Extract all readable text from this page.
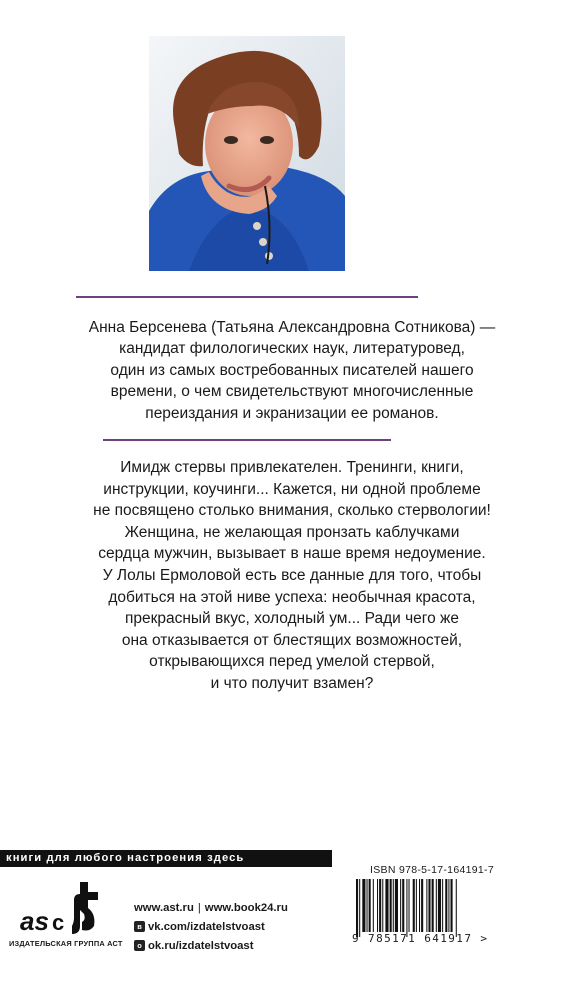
Анна Берсенева (Татьяна Александровна Сотникова) —
кандидат филологических наук, литературовед,
один из самых востребованных писателей нашего
времени, о чем свидетельствуют многочисленные
переиздания и экранизации ее романов.
Имидж стервы привлекателен. Тренинги, книги,
инструкции, коучинги... Кажется, ни одной проблеме
не посвящено столько внимания, сколько стервологии!
Женщина, не желающая пронзать каблучками
сердца мужчин, вызывает в наше время недоумение.
У Лолы Ермоловой есть все данные для того, чтобы
добиться на этой ниве успеха: необычная красота,
прекрасный вкус, холодный ум... Ради чего же
она отказывается от блестящих возможностей,
открывающихся перед умелой стервой,
и что получит взамен?
книги для любого настроения здесь
as c
ИЗДАТЕЛЬСКАЯ ГРУППА АСТ
www.ast.ru | www.book24.ru
в vk.com/ izdatelstvoast
о ok.ru/ izdatelstvoast
ISBN 978-5-17-164191-7
9 785171 641917 >
